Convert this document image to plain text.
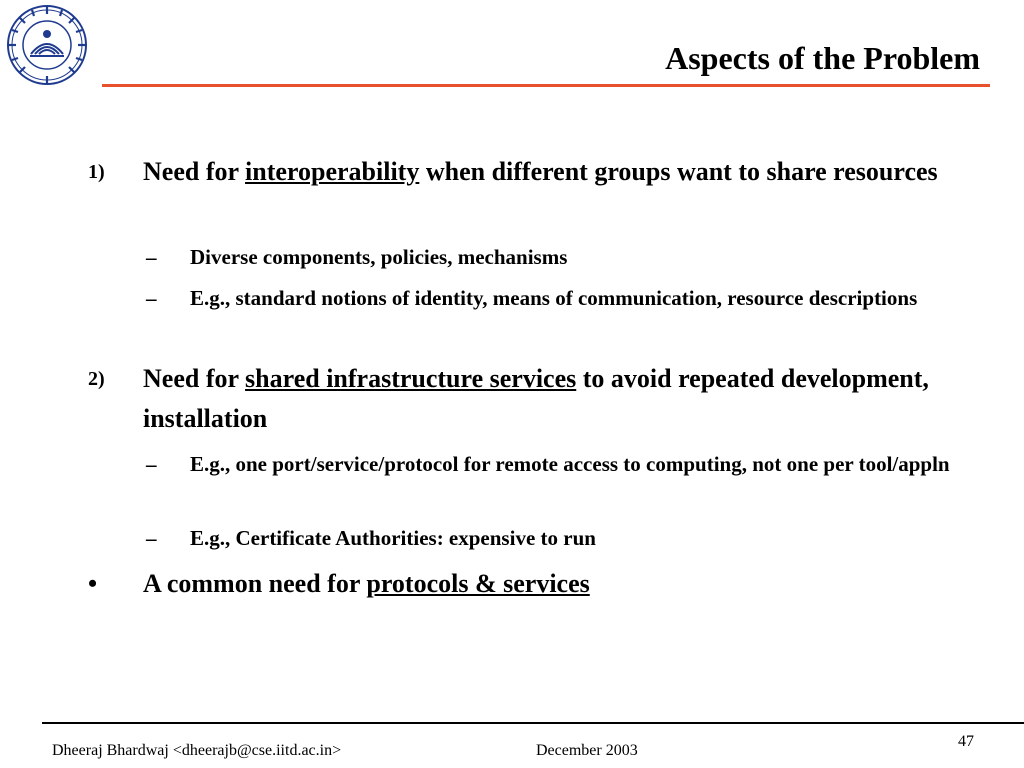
Aspects of the Problem
1) Need for interoperability when different groups want to share resources
– Diverse components, policies, mechanisms
– E.g., standard notions of identity, means of communication, resource descriptions
2) Need for shared infrastructure services to avoid repeated development, installation
– E.g., one port/service/protocol for remote access to computing, not one per tool/appln
– E.g., Certificate Authorities: expensive to run
• A common need for protocols & services
Dheeraj Bhardwaj <dheerajb@cse.iitd.ac.in>	December 2003
47
